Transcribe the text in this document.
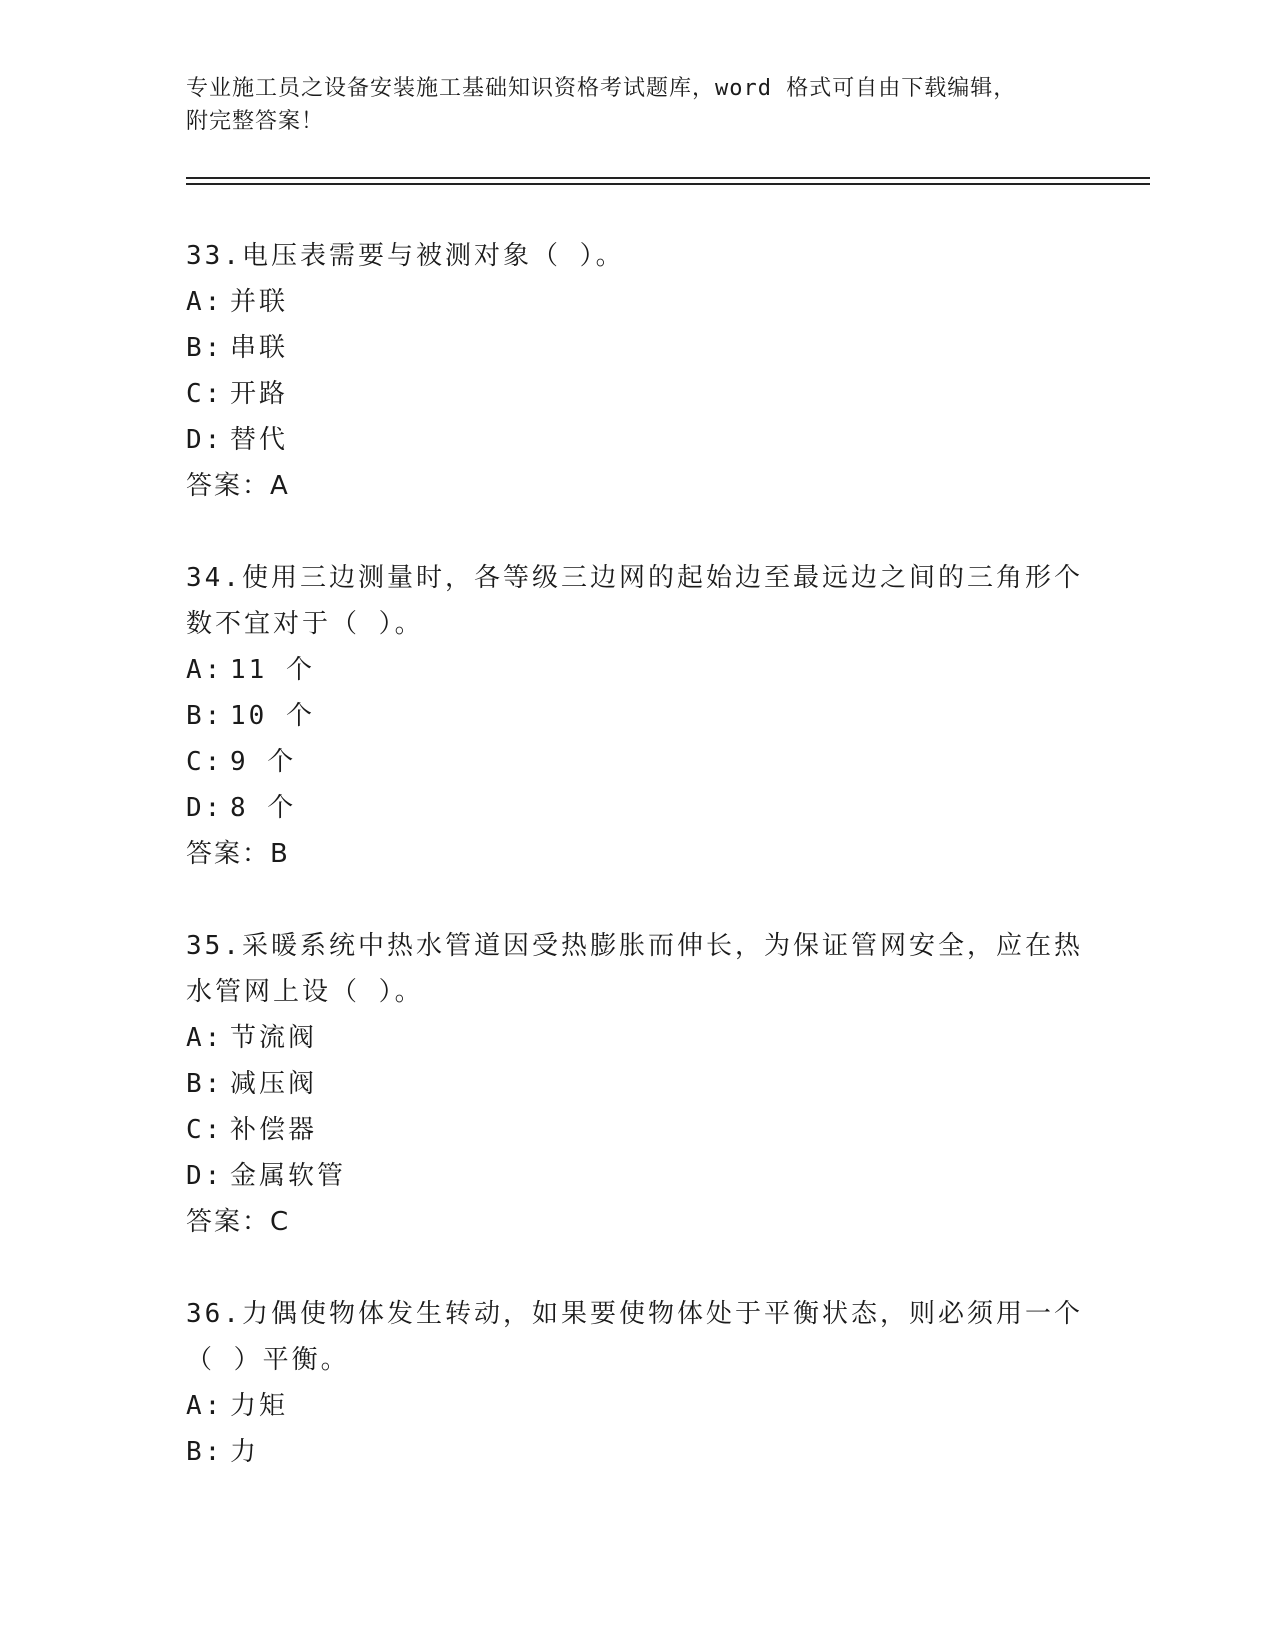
专业施工员之设备安装施工基础知识资格考试题库，word 格式可自由下载编辑，
附完整答案！

33.电压表需要与被测对象（ ）。

A: 并联

B: 串联

C: 开路

D: 替代

答案：A

34.使用三边测量时，各等级三边网的起始边至最远边之间的三角形个数不宜对于（ ）。

A: 11 个

B: 10 个

C: 9 个

D: 8 个

答案：B

35.采暖系统中热水管道因受热膨胀而伸长，为保证管网安全，应在热水管网上设（ ）。

A: 节流阀

B: 减压阀

C: 补偿器

D: 金属软管

答案：C

36.力偶使物体发生转动，如果要使物体处于平衡状态，则必须用一个（ ）平衡。

A: 力矩

B: 力
